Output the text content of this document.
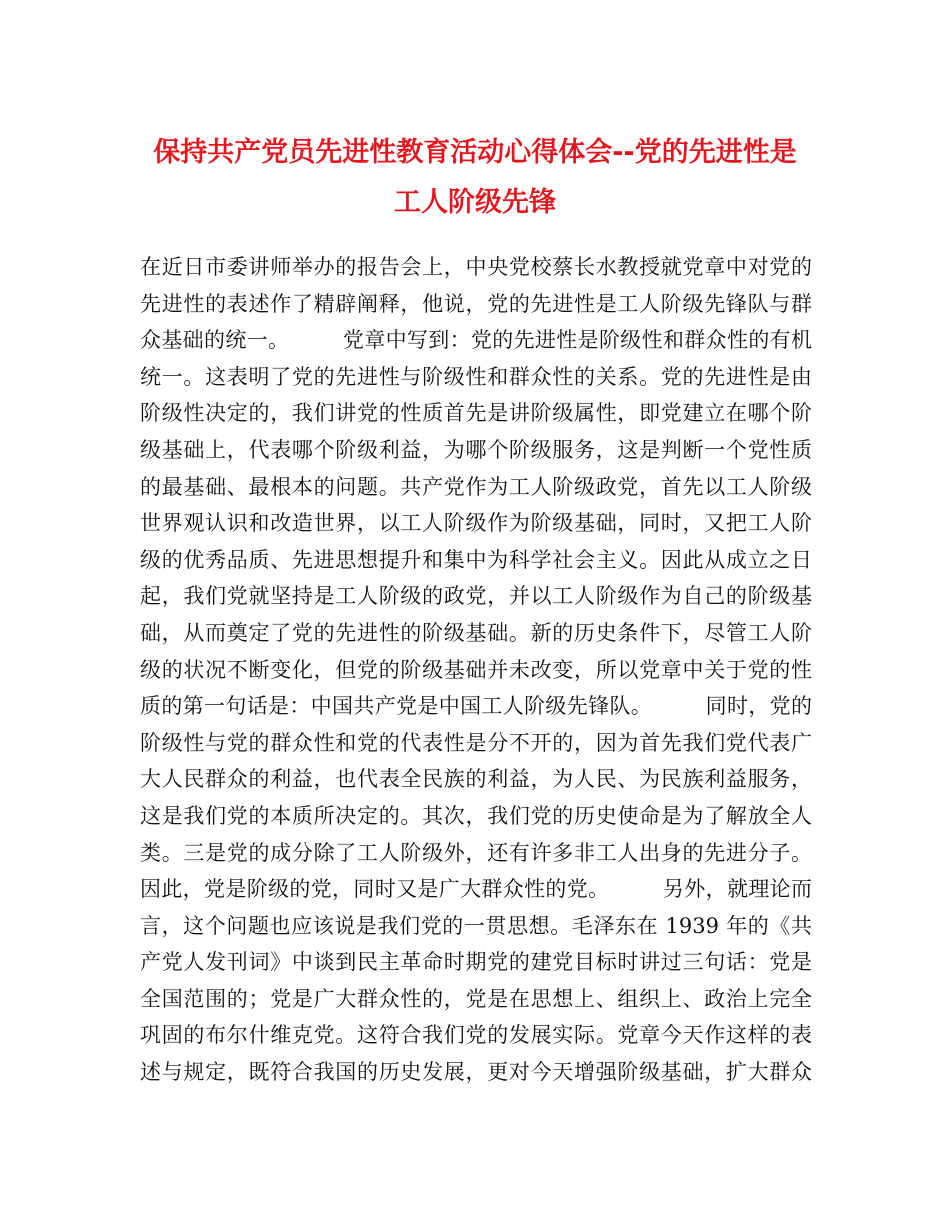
保持共产党员先进性教育活动心得体会--党的先进性是
工人阶级先锋
在近日市委讲师举办的报告会上，中央党校蔡长水教授就党章中对党的
先进性的表述作了精辟阐释，他说，党的先进性是工人阶级先锋队与群
众基础的统一。　　　党章中写到：党的先进性是阶级性和群众性的有机
统一。这表明了党的先进性与阶级性和群众性的关系。党的先进性是由
阶级性决定的，我们讲党的性质首先是讲阶级属性，即党建立在哪个阶
级基础上，代表哪个阶级利益，为哪个阶级服务，这是判断一个党性质
的最基础、最根本的问题。共产党作为工人阶级政党，首先以工人阶级
世界观认识和改造世界，以工人阶级作为阶级基础，同时，又把工人阶
级的优秀品质、先进思想提升和集中为科学社会主义。因此从成立之日
起，我们党就坚持是工人阶级的政党，并以工人阶级作为自己的阶级基
础，从而奠定了党的先进性的阶级基础。新的历史条件下，尽管工人阶
级的状况不断变化，但党的阶级基础并未改变，所以党章中关于党的性
质的第一句话是：中国共产党是中国工人阶级先锋队。　　　同时，党的
阶级性与党的群众性和党的代表性是分不开的，因为首先我们党代表广
大人民群众的利益，也代表全民族的利益，为人民、为民族利益服务，
这是我们党的本质所决定的。其次，我们党的历史使命是为了解放全人
类。三是党的成分除了工人阶级外，还有许多非工人出身的先进分子。
因此，党是阶级的党，同时又是广大群众性的党。　　　另外，就理论而
言，这个问题也应该说是我们党的一贯思想。毛泽东在 1939 年的《共
产党人发刊词》中谈到民主革命时期党的建党目标时讲过三句话：党是
全国范围的；党是广大群众性的，党是在思想上、组织上、政治上完全
巩固的布尔什维克党。这符合我们党的发展实际。党章今天作这样的表
述与规定，既符合我国的历史发展，更对今天增强阶级基础，扩大群众
